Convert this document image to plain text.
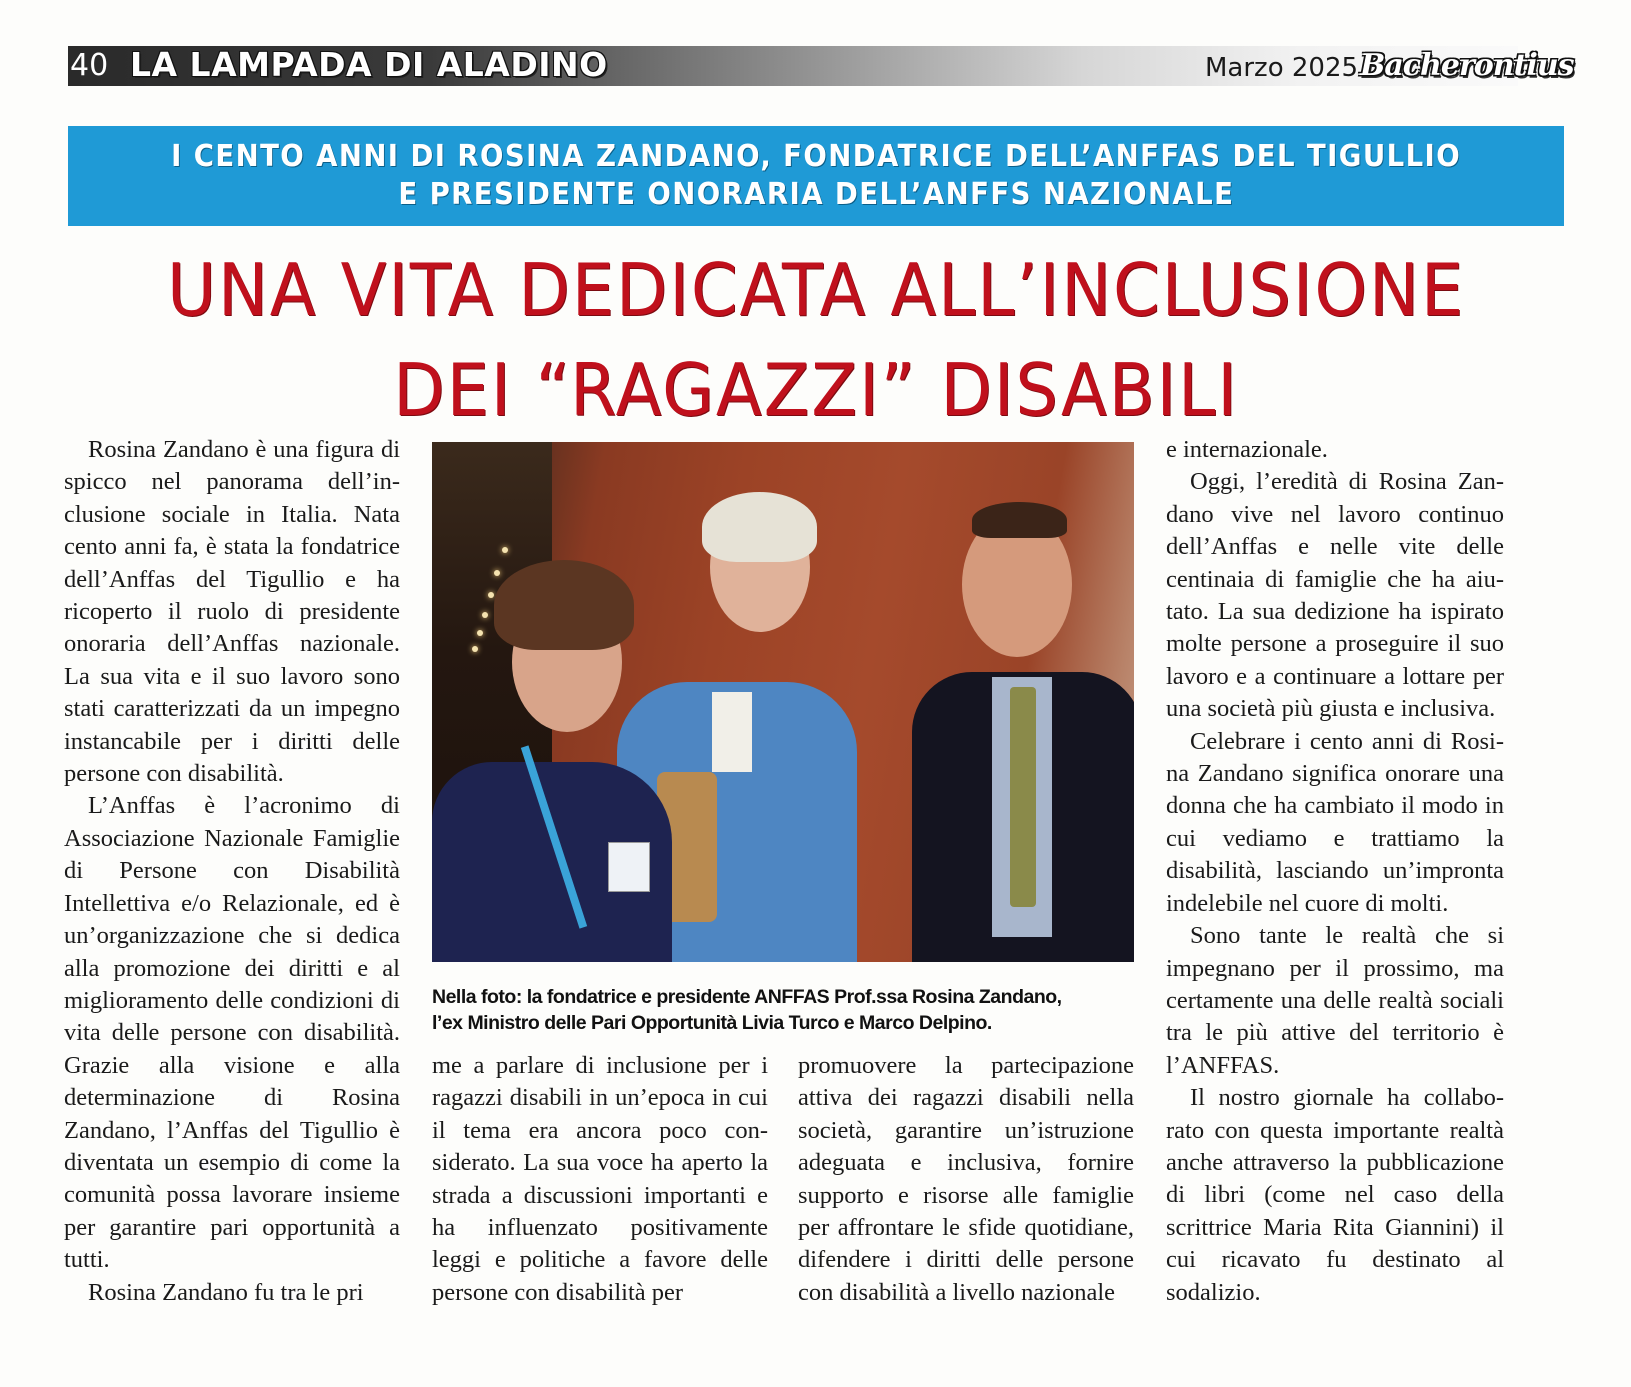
40 LA LAMPADA DI ALADINO	Marzo 2025 Bacherontius
I CENTO ANNI DI ROSINA ZANDANO, FONDATRICE DELL’ANFFAS DEL TIGULLIO
E PRESIDENTE ONORARIA DELL’ANFFS NAZIONALE
UNA VITA DEDICATA ALL’INCLUSIONE
DEI “RAGAZZI” DISABILI

Rosina Zandano è una figura di spicco nel panorama dell’inclusione sociale in Italia. Nata cento anni fa, è stata la fondatrice dell’Anffas del Tigullio e ha ricoperto il ruolo di presidente onoraria dell’Anffas nazionale. La sua vita e il suo lavoro sono stati caratterizzati da un impegno instancabile per i diritti delle persone con disabilità.

L’Anffas è l’acronimo di Associazione Nazionale Famiglie di Persone con Disabilità Intellettiva e/o Relazionale, ed è un’organizzazione che si dedica alla promozione dei diritti e al miglioramento delle condizioni di vita delle persone con disabilità. Grazie alla visione e alla determinazione di Rosina Zandano, l’Anffas del Tigullio è diventata un esempio di come la comunità possa lavorare insieme per garantire pari opportunità a tutti.

Rosina Zandano fu tra le pri

Nella foto: la fondatrice e presidente ANFFAS Prof.ssa Rosina Zandano,
l’ex Ministro delle Pari Opportunità Livia Turco e Marco Delpino.

me a parlare di inclusione per i ragazzi disabili in un’epoca in cui il tema era ancora poco considerato. La sua voce ha aperto la strada a discussioni importanti e ha influenzato positivamente leggi e politiche a favore delle persone con disabilità per

promuovere la partecipazione attiva dei ragazzi disabili nella società, garantire un’istruzione adeguata e inclusiva, fornire supporto e risorse alle famiglie per affrontare le sfide quotidiane, difendere i diritti delle persone con disabilità a livello nazionale

e internazionale.

Oggi, l’eredità di Rosina Zandano vive nel lavoro continuo dell’Anffas e nelle vite delle centinaia di famiglie che ha aiutato. La sua dedizione ha ispirato molte persone a proseguire il suo lavoro e a continuare a lottare per una società più giusta e inclusiva.

Celebrare i cento anni di Rosina Zandano significa onorare una donna che ha cambiato il modo in cui vediamo e trattiamo la disabilità, lasciando un’impronta indelebile nel cuore di molti.

Sono tante le realtà che si impegnano per il prossimo, ma certamente una delle realtà sociali tra le più attive del territorio è l’ANFFAS.

Il nostro giornale ha collaborato con questa importante realtà anche attraverso la pubblicazione di libri (come nel caso della scrittrice Maria Rita Giannini) il cui ricavato fu destinato al sodalizio.
